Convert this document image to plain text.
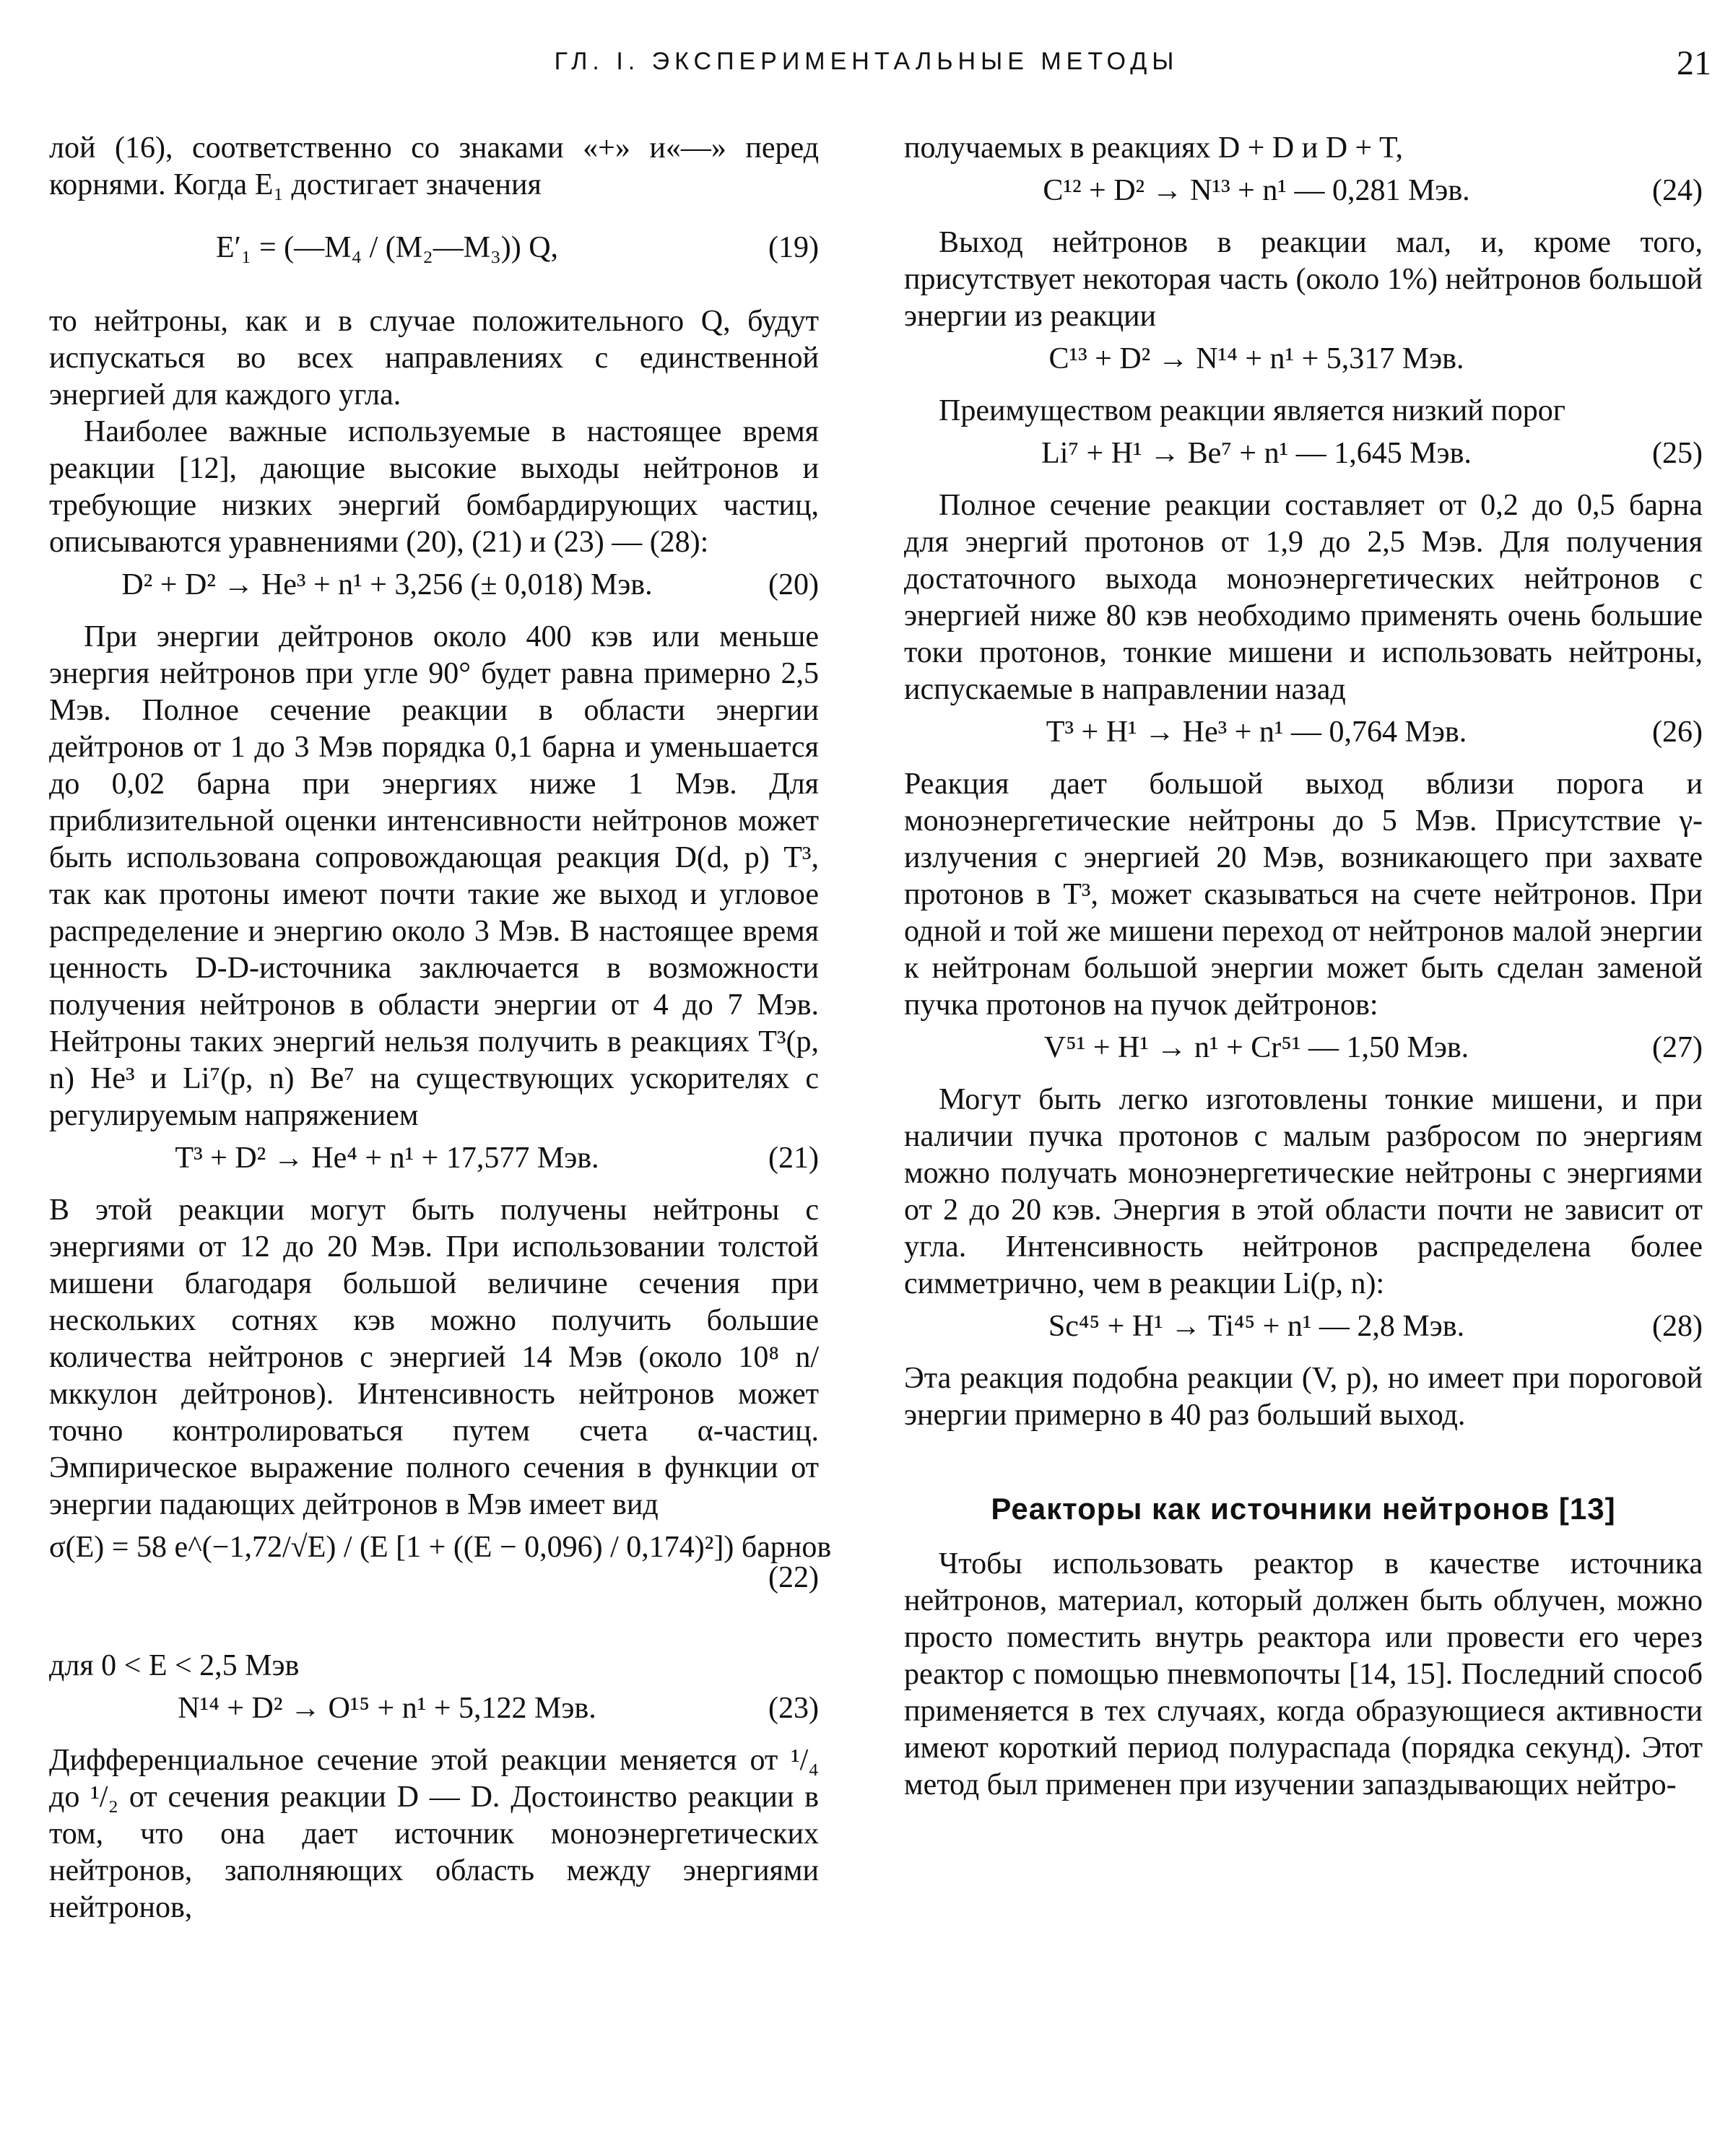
ГЛ. I. ЭКСПЕРИМЕНТАЛЬНЫЕ МЕТОДЫ	21

лой (16), соответственно со знаками «+» и«—» перед корнями. Когда E₁ достигает значения

E′₁ = (—M₄ / (M₂—M₃)) Q,	(19)

то нейтроны, как и в случае положительного Q, будут испускаться во всех направлениях с единственной энергией для каждого угла.

Наиболее важные используемые в настоящее время реакции [12], дающие высокие выходы нейтронов и требующие низких энергий бомбардирующих частиц, описываются уравнениями (20), (21) и (23) — (28):

D² + D² → He³ + n¹ + 3,256 (± 0,018) Мэв.	(20)

При энергии дейтронов около 400 кэв или меньше энергия нейтронов при угле 90° будет равна примерно 2,5 Мэв. Полное сечение реакции в области энергии дейтронов от 1 до 3 Мэв порядка 0,1 барна и уменьшается до 0,02 барна при энергиях ниже 1 Мэв. Для приблизительной оценки интенсивности нейтронов может быть использована сопровождающая реакция D(d, p) T³, так как протоны имеют почти такие же выход и угловое распределение и энергию около 3 Мэв. В настоящее время ценность D-D-источника заключается в возможности получения нейтронов в области энергии от 4 до 7 Мэв. Нейтроны таких энергий нельзя получить в реакциях T³(p, n) He³ и Li⁷(p, n) Be⁷ на существующих ускорителях с регулируемым напряжением

T³ + D² → He⁴ + n¹ + 17,577 Мэв.	(21)

В этой реакции могут быть получены нейтроны с энергиями от 12 до 20 Мэв. При использовании толстой мишени благодаря большой величине сечения при нескольких сотнях кэв можно получить большие количества нейтронов с энергией 14 Мэв (около 10⁸ n/мккулон дейтронов). Интенсивность нейтронов может точно контролироваться путем счета α-частиц. Эмпирическое выражение полного сечения в функции от энергии падающих дейтронов в Мэв имеет вид

σ(E) = 58 e^(−1,72/√E) / (E [1 + ((E − 0,096) / 0,174)²]) барнов
(22)

для 0 < E < 2,5 Мэв

N¹⁴ + D² → O¹⁵ + n¹ + 5,122 Мэв.	(23)

Дифференциальное сечение этой реакции меняется от ¹/₄ до ¹/₂ от сечения реакции D — D. Достоинство реакции в том, что она дает источник моноэнергетических нейтронов, заполняющих область между энергиями нейтронов,

получаемых в реакциях D + D и D + T,

C¹² + D² → N¹³ + n¹ — 0,281 Мэв.	(24)

Выход нейтронов в реакции мал, и, кроме того, присутствует некоторая часть (около 1%) нейтронов большой энергии из реакции

C¹³ + D² → N¹⁴ + n¹ + 5,317 Мэв.

Преимуществом реакции является низкий порог

Li⁷ + H¹ → Be⁷ + n¹ — 1,645 Мэв.	(25)

Полное сечение реакции составляет от 0,2 до 0,5 барна для энергий протонов от 1,9 до 2,5 Мэв. Для получения достаточного выхода моноэнергетических нейтронов с энергией ниже 80 кэв необходимо применять очень большие токи протонов, тонкие мишени и использовать нейтроны, испускаемые в направлении назад

T³ + H¹ → He³ + n¹ — 0,764 Мэв.	(26)

Реакция дает большой выход вблизи порога и моноэнергетические нейтроны до 5 Мэв. Присутствие γ-излучения с энергией 20 Мэв, возникающего при захвате протонов в T³, может сказываться на счете нейтронов. При одной и той же мишени переход от нейтронов малой энергии к нейтронам большой энергии может быть сделан заменой пучка протонов на пучок дейтронов:

V⁵¹ + H¹ → n¹ + Cr⁵¹ — 1,50 Мэв.	(27)

Могут быть легко изготовлены тонкие мишени, и при наличии пучка протонов с малым разбросом по энергиям можно получать моноэнергетические нейтроны с энергиями от 2 до 20 кэв. Энергия в этой области почти не зависит от угла. Интенсивность нейтронов распределена более симметрично, чем в реакции Li(p, n):

Sc⁴⁵ + H¹ → Ti⁴⁵ + n¹ — 2,8 Мэв.	(28)

Эта реакция подобна реакции (V, p), но имеет при пороговой энергии примерно в 40 раз больший выход.

Реакторы как источники нейтронов [13]

Чтобы использовать реактор в качестве источника нейтронов, материал, который должен быть облучен, можно просто поместить внутрь реактора или провести его через реактор с помощью пневмопочты [14, 15]. Последний способ применяется в тех случаях, когда образующиеся активности имеют короткий период полураспада (порядка секунд). Этот метод был применен при изучении запаздывающих нейтро-
